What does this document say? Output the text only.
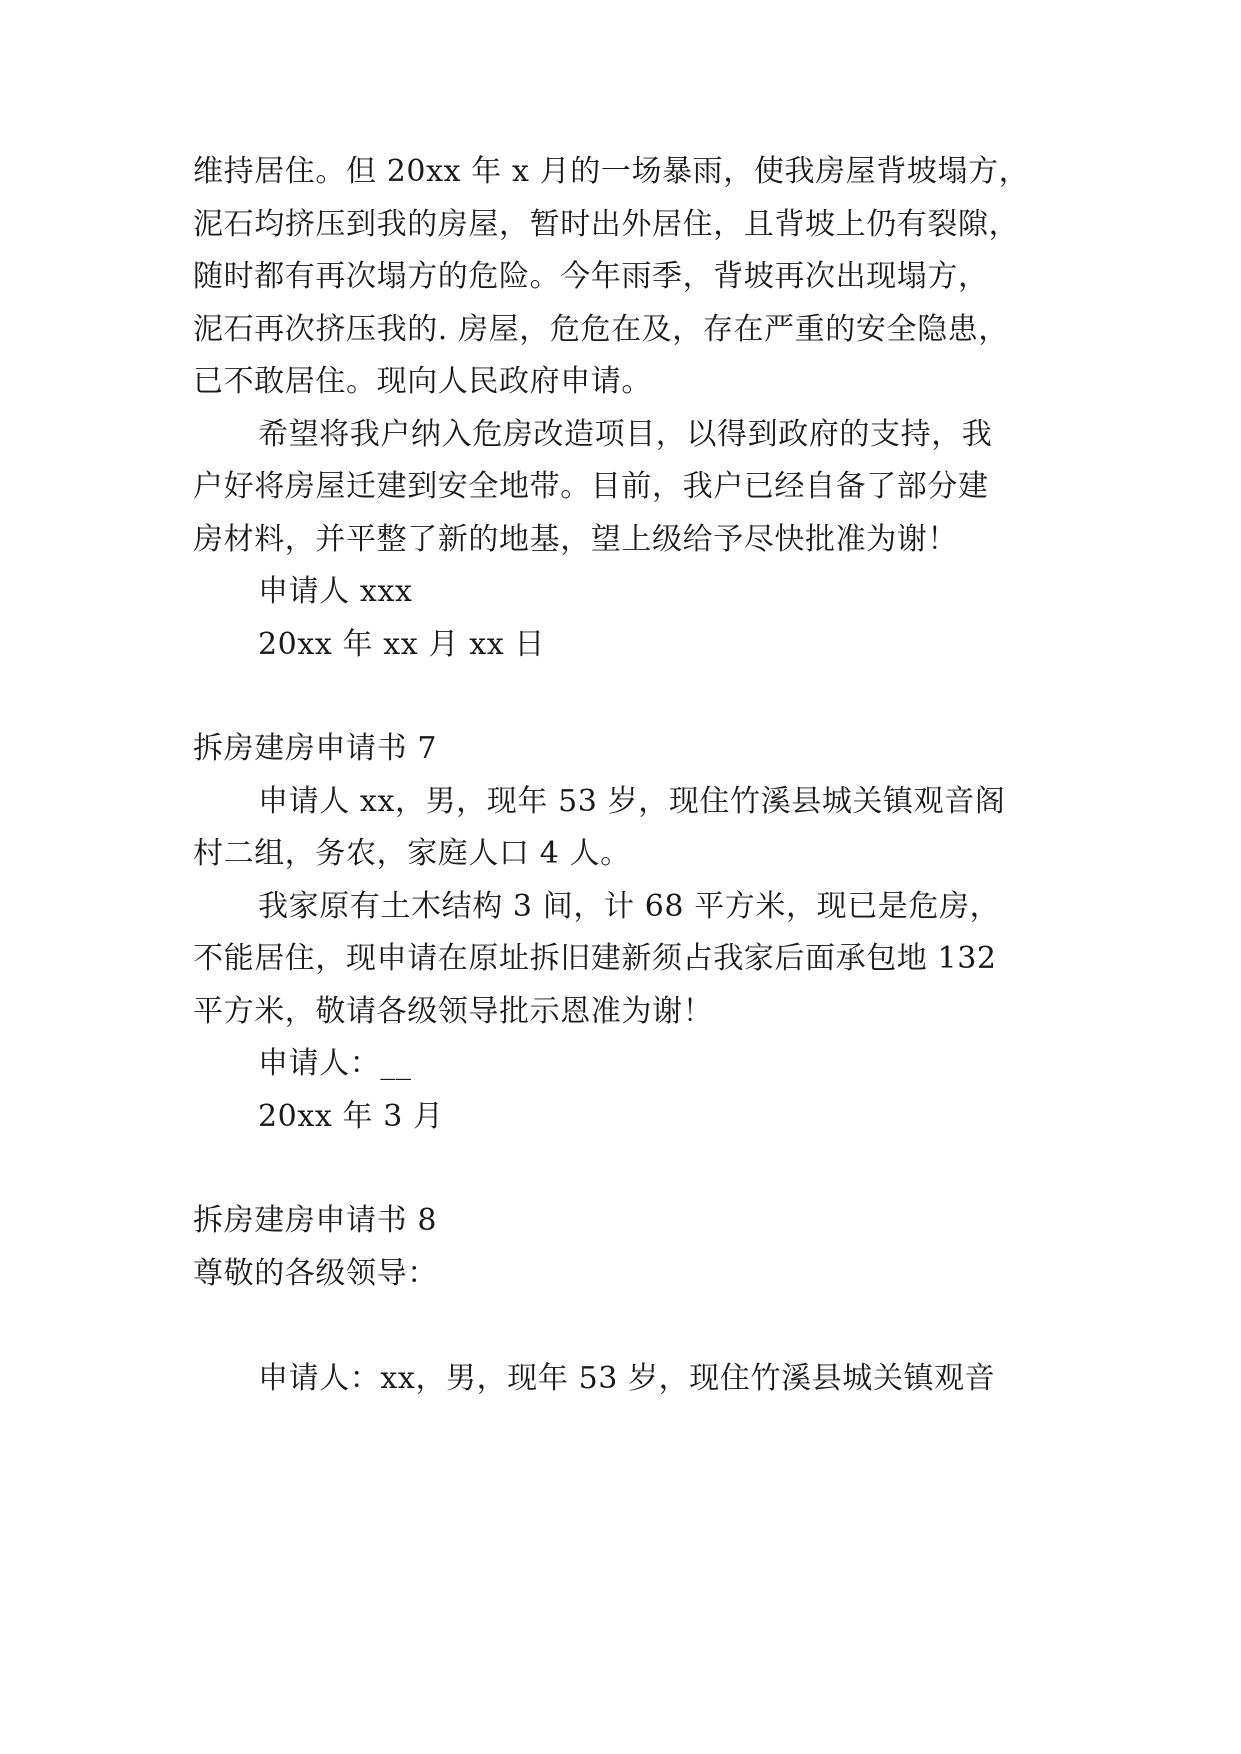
维持居住。但 20xx 年 x 月的一场暴雨，使我房屋背坡塌方，
泥石均挤压到我的房屋，暂时出外居住，且背坡上仍有裂隙，
随时都有再次塌方的危险。今年雨季，背坡再次出现塌方，
泥石再次挤压我的. 房屋，危危在及，存在严重的安全隐患，
已不敢居住。现向人民政府申请。
希望将我户纳入危房改造项目，以得到政府的支持，我
户好将房屋迁建到安全地带。目前，我户已经自备了部分建
房材料，并平整了新的地基，望上级给予尽快批准为谢！
申请人 xxx
20xx 年 xx 月 xx 日
拆房建房申请书 7
申请人 xx，男，现年 53 岁，现住竹溪县城关镇观音阁
村二组，务农，家庭人口 4 人。
我家原有土木结构 3 间，计 68 平方米，现已是危房，
不能居住，现申请在原址拆旧建新须占我家后面承包地 132
平方米，敬请各级领导批示恩准为谢！
申请人：__
20xx 年 3 月
拆房建房申请书 8
尊敬的各级领导：
申请人：xx，男，现年 53 岁，现住竹溪县城关镇观音
